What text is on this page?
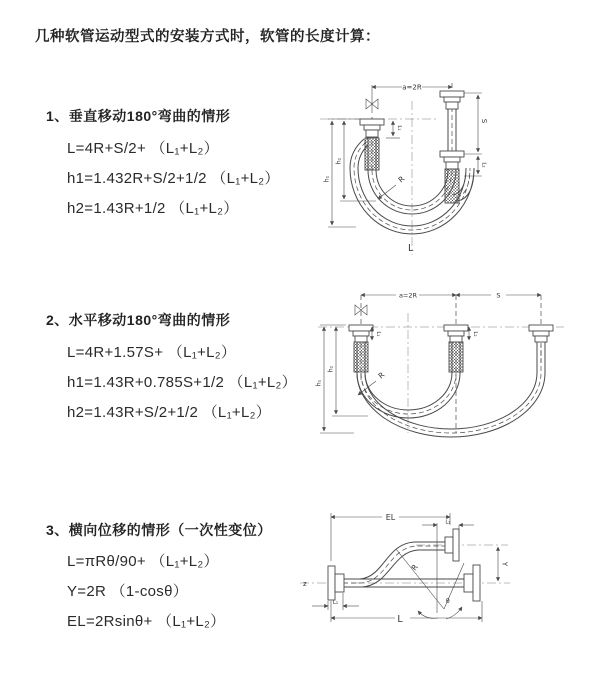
几种软管运动型式的安装方式时，软管的长度计算：
1、垂直移动180°弯曲的情形
L=4R+S/2+ （L₁+L₂）
h1=1.432R+S/2+1/2 （L₁+L₂）
h2=1.43R+1/2 （L₁+L₂）
2、水平移动180°弯曲的情形
L=4R+1.57S+ （L₁+L₂）
h1=1.43R+0.785S+1/2 （L₁+L₂）
h2=1.43R+S/2+1/2 （L₁+L₂）
3、横向位移的情形（一次性变位）
L=πRθ/90+ （L₁+L₂）
Y=2R （1-cosθ）
EL=2Rsinθ+ （L₁+L₂）
a=2R
S
L₂
h₂
h₁
L₁
R
L
a=2R	S
h₂
h₁
L₁	L₂
R
θ
R
EL
L₂
Y
L
L₁
z
